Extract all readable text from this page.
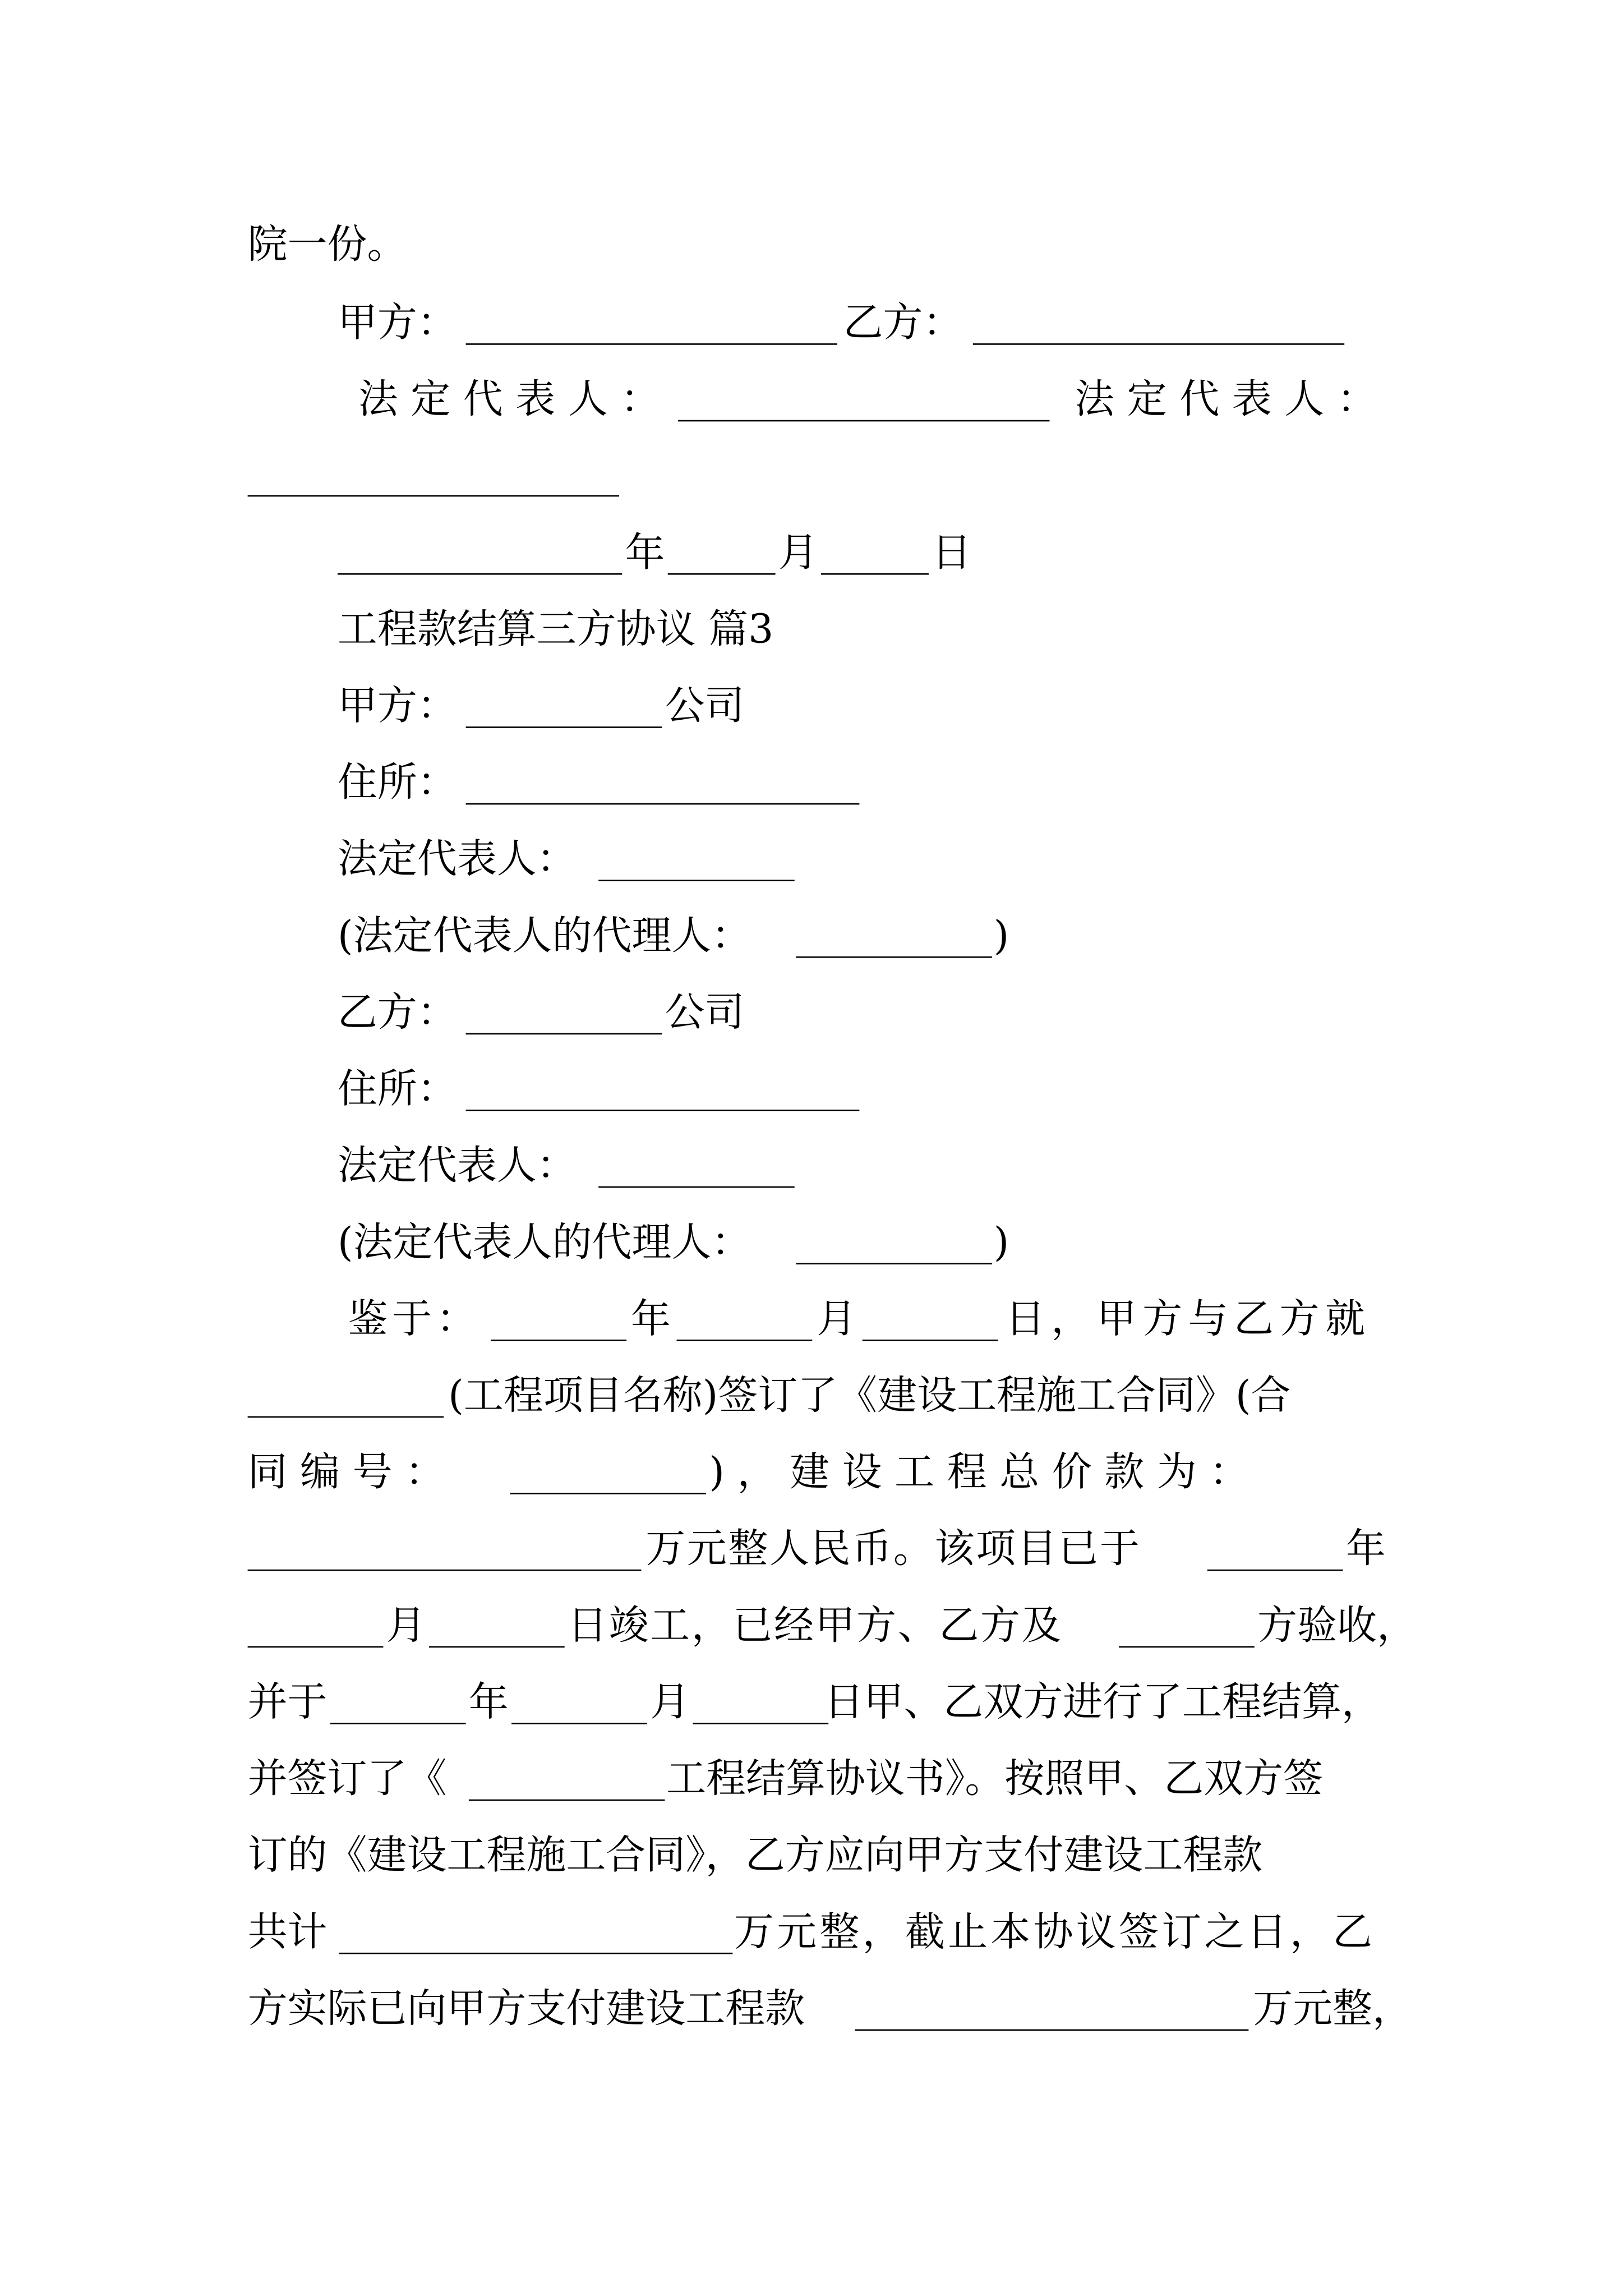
院一份。
甲方：	乙方：
法 定 代 表 人 ：	法 定 代 表 人 ：
年	月	日
工程款结算三方协议 篇3
甲方：	公司
住所：
法定代表人：
(法定代表人的代理人：	)
乙方：	公司
住所：
法定代表人：
(法定代表人的代理人：	)
鉴于：	年	月	日，甲方与乙方就
(工程项目名称)签订了《建设工程施工合同》(合
同 编 号 ：	) ， 建 设 工 程 总 价 款 为 ：
万元整人民币。该项目已于	年
月	日竣工，已经甲方、乙方及	方验收，
并于	年	月	日甲、乙双方进行了工程结算，
并签订了《	工程结算协议书》。按照甲、乙双方签
订的《建设工程施工合同》，乙方应向甲方支付建设工程款
共计	万元整，截止本协议签订之日，乙
方实际已向甲方支付建设工程款	万元整，
